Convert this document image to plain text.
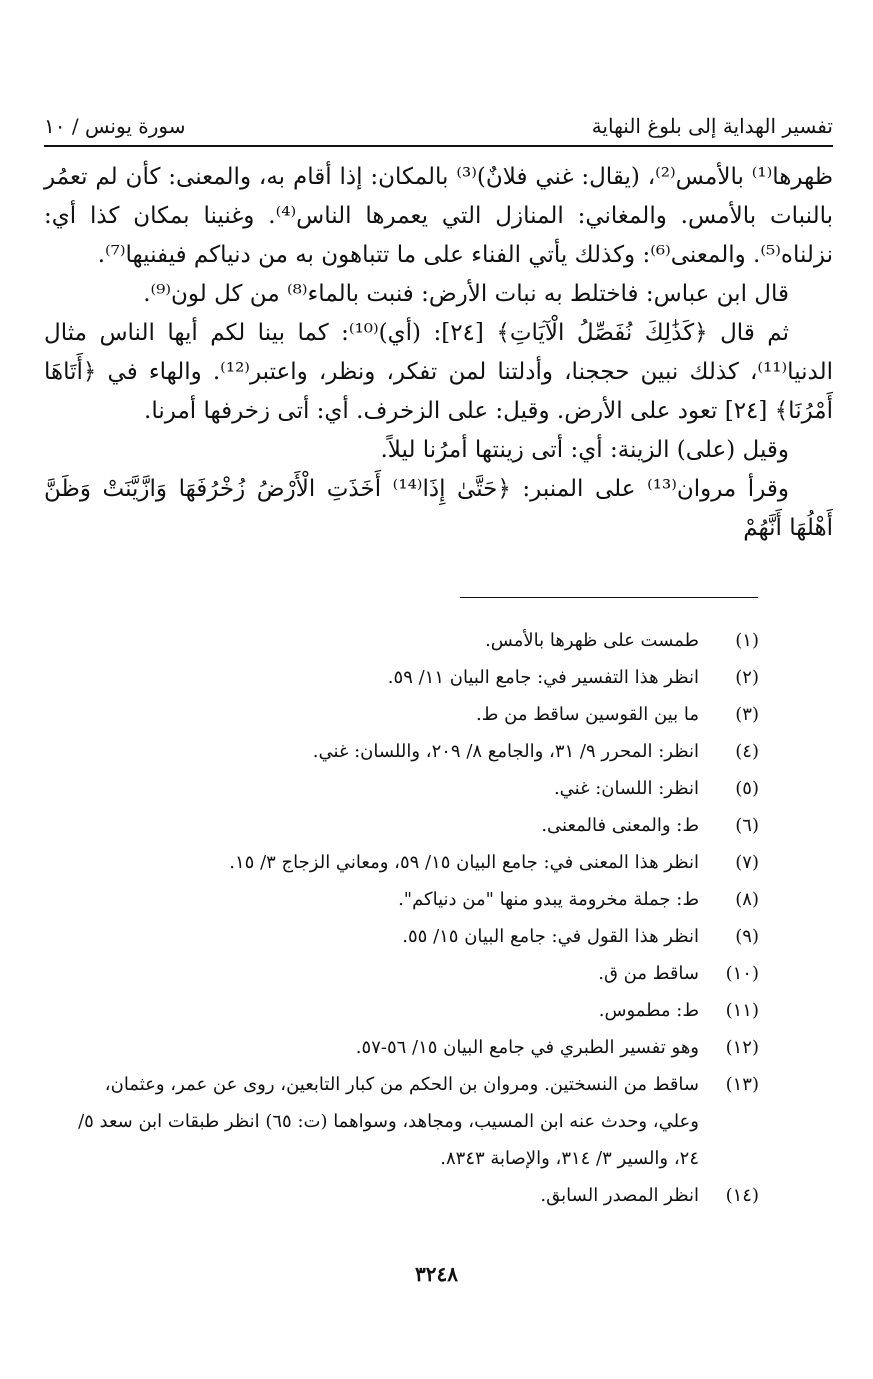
تفسير الهداية إلى بلوغ النهاية
سورة يونس / ١٠

ظهرها⁽¹⁾ بالأمس⁽²⁾، (يقال: غني فلانٌ)⁽³⁾ بالمكان: إذا أقام به، والمعنى: كأن لم تعمُر بالنبات بالأمس. والمغاني: المنازل التي يعمرها الناس⁽⁴⁾. وغنينا بمكان كذا أي: نزلناه⁽⁵⁾. والمعنى⁽⁶⁾: وكذلك يأتي الفناء على ما تتباهون به من دنياكم فيفنيها⁽⁷⁾.

قال ابن عباس: فاختلط به نبات الأرض: فنبت بالماء⁽⁸⁾ من كل لون⁽⁹⁾.

ثم قال ﴿كَذَٰلِكَ نُفَصِّلُ الْآيَاتِ﴾ [٢٤]: (أي)⁽¹⁰⁾: كما بينا لكم أيها الناس مثال الدنيا⁽¹¹⁾، كذلك نبين حججنا، وأدلتنا لمن تفكر، ونظر، واعتبر⁽¹²⁾. والهاء في ﴿أَتَاهَا أَمْرُنَا﴾ [٢٤] تعود على الأرض. وقيل: على الزخرف. أي: أتى زخرفها أمرنا.

وقيل (على) الزينة: أي: أتى زينتها أمرُنا ليلاً.

وقرأ مروان⁽¹³⁾ على المنبر: ﴿حَتَّىٰ إِذَا⁽¹⁴⁾ أَخَذَتِ الْأَرْضُ زُخْرُفَهَا وَازَّيَّنَتْ وَظَنَّ أَهْلُهَا أَنَّهُمْ

(١)
طمست على ظهرها بالأمس.
(٢)
انظر هذا التفسير في: جامع البيان ١١/ ٥٩.
(٣)
ما بين القوسين ساقط من ط.
(٤)
انظر: المحرر ٩/ ٣١، والجامع ٨/ ٢٠٩، واللسان: غني.
(٥)
انظر: اللسان: غني.
(٦)
ط: والمعنى فالمعنى.
(٧)
انظر هذا المعنى في: جامع البيان ١٥/ ٥٩، ومعاني الزجاج ٣/ ١٥.
(٨)
ط: جملة مخرومة يبدو منها "من دنياكم".
(٩)
انظر هذا القول في: جامع البيان ١٥/ ٥٥.
(١٠)
ساقط من ق.
(١١)
ط: مطموس.
(١٢)
وهو تفسير الطبري في جامع البيان ١٥/ ٥٦-٥٧.
(١٣)
ساقط من النسختين. ومروان بن الحكم من كبار التابعين، روى عن عمر، وعثمان، وعلي، وحدث عنه ابن المسيب، ومجاهد، وسواهما (ت: ٦٥) انظر طبقات ابن سعد ٥/ ٢٤، والسير ٣/ ٣١٤، والإصابة ٨٣٤٣.
(١٤)
انظر المصدر السابق.
٣٢٤٨
